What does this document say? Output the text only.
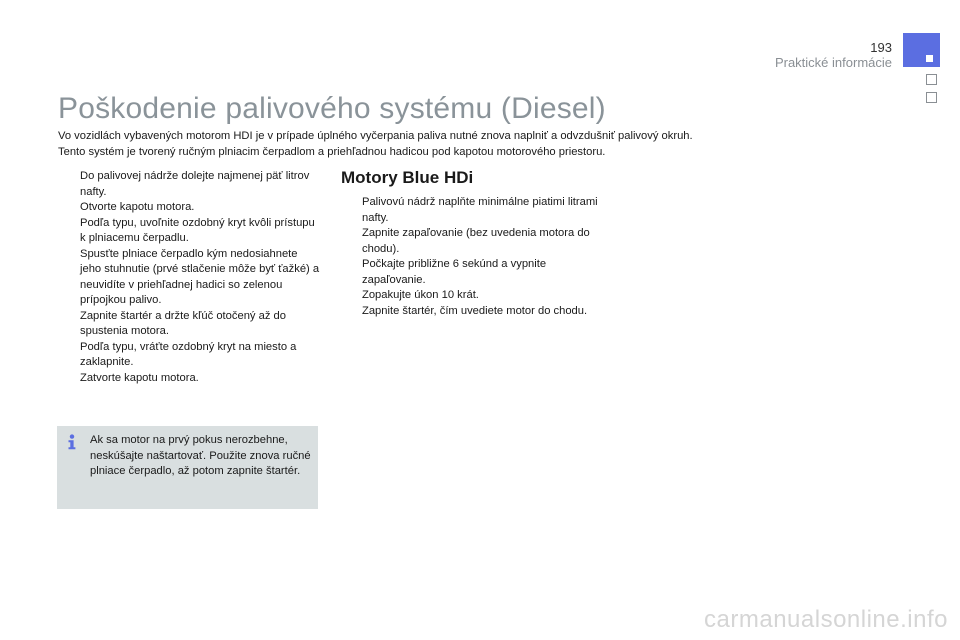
193
Praktické informácie
Poškodenie palivového systému (Diesel)

Vo vozidlách vybavených motorom HDI je v prípade úplného vyčerpania paliva nutné znova naplniť a odvzdušniť palivový okruh.

Tento systém je tvorený ručným plniacim čerpadlom a priehľadnou hadicou pod kapotou motorového priestoru.

Do palivovej nádrže dolejte najmenej päť litrov nafty.
Otvorte kapotu motora.
Podľa typu, uvoľnite ozdobný kryt kvôli prístupu k plniacemu čerpadlu.
Spusťte plniace čerpadlo kým nedosiahnete jeho stuhnutie (prvé stlačenie môže byť ťažké) a neuvidíte v priehľadnej hadici so zelenou prípojkou palivo.
Zapnite štartér a držte kľúč otočený až do spustenia motora.
Podľa typu, vráťte ozdobný kryt na miesto a zaklapnite.
Zatvorte kapotu motora.
Ak sa motor na prvý pokus nerozbehne, neskúšajte naštartovať. Použite znova ručné plniace čerpadlo, až potom zapnite štartér.
Motory Blue HDi
Palivovú nádrž naplňte minimálne piatimi litrami nafty.
Zapnite zapaľovanie (bez uvedenia motora do chodu).
Počkajte približne 6 sekúnd a vypnite zapaľovanie.
Zopakujte úkon 10 krát.
Zapnite štartér, čím uvediete motor do chodu.
carmanualsonline.info
